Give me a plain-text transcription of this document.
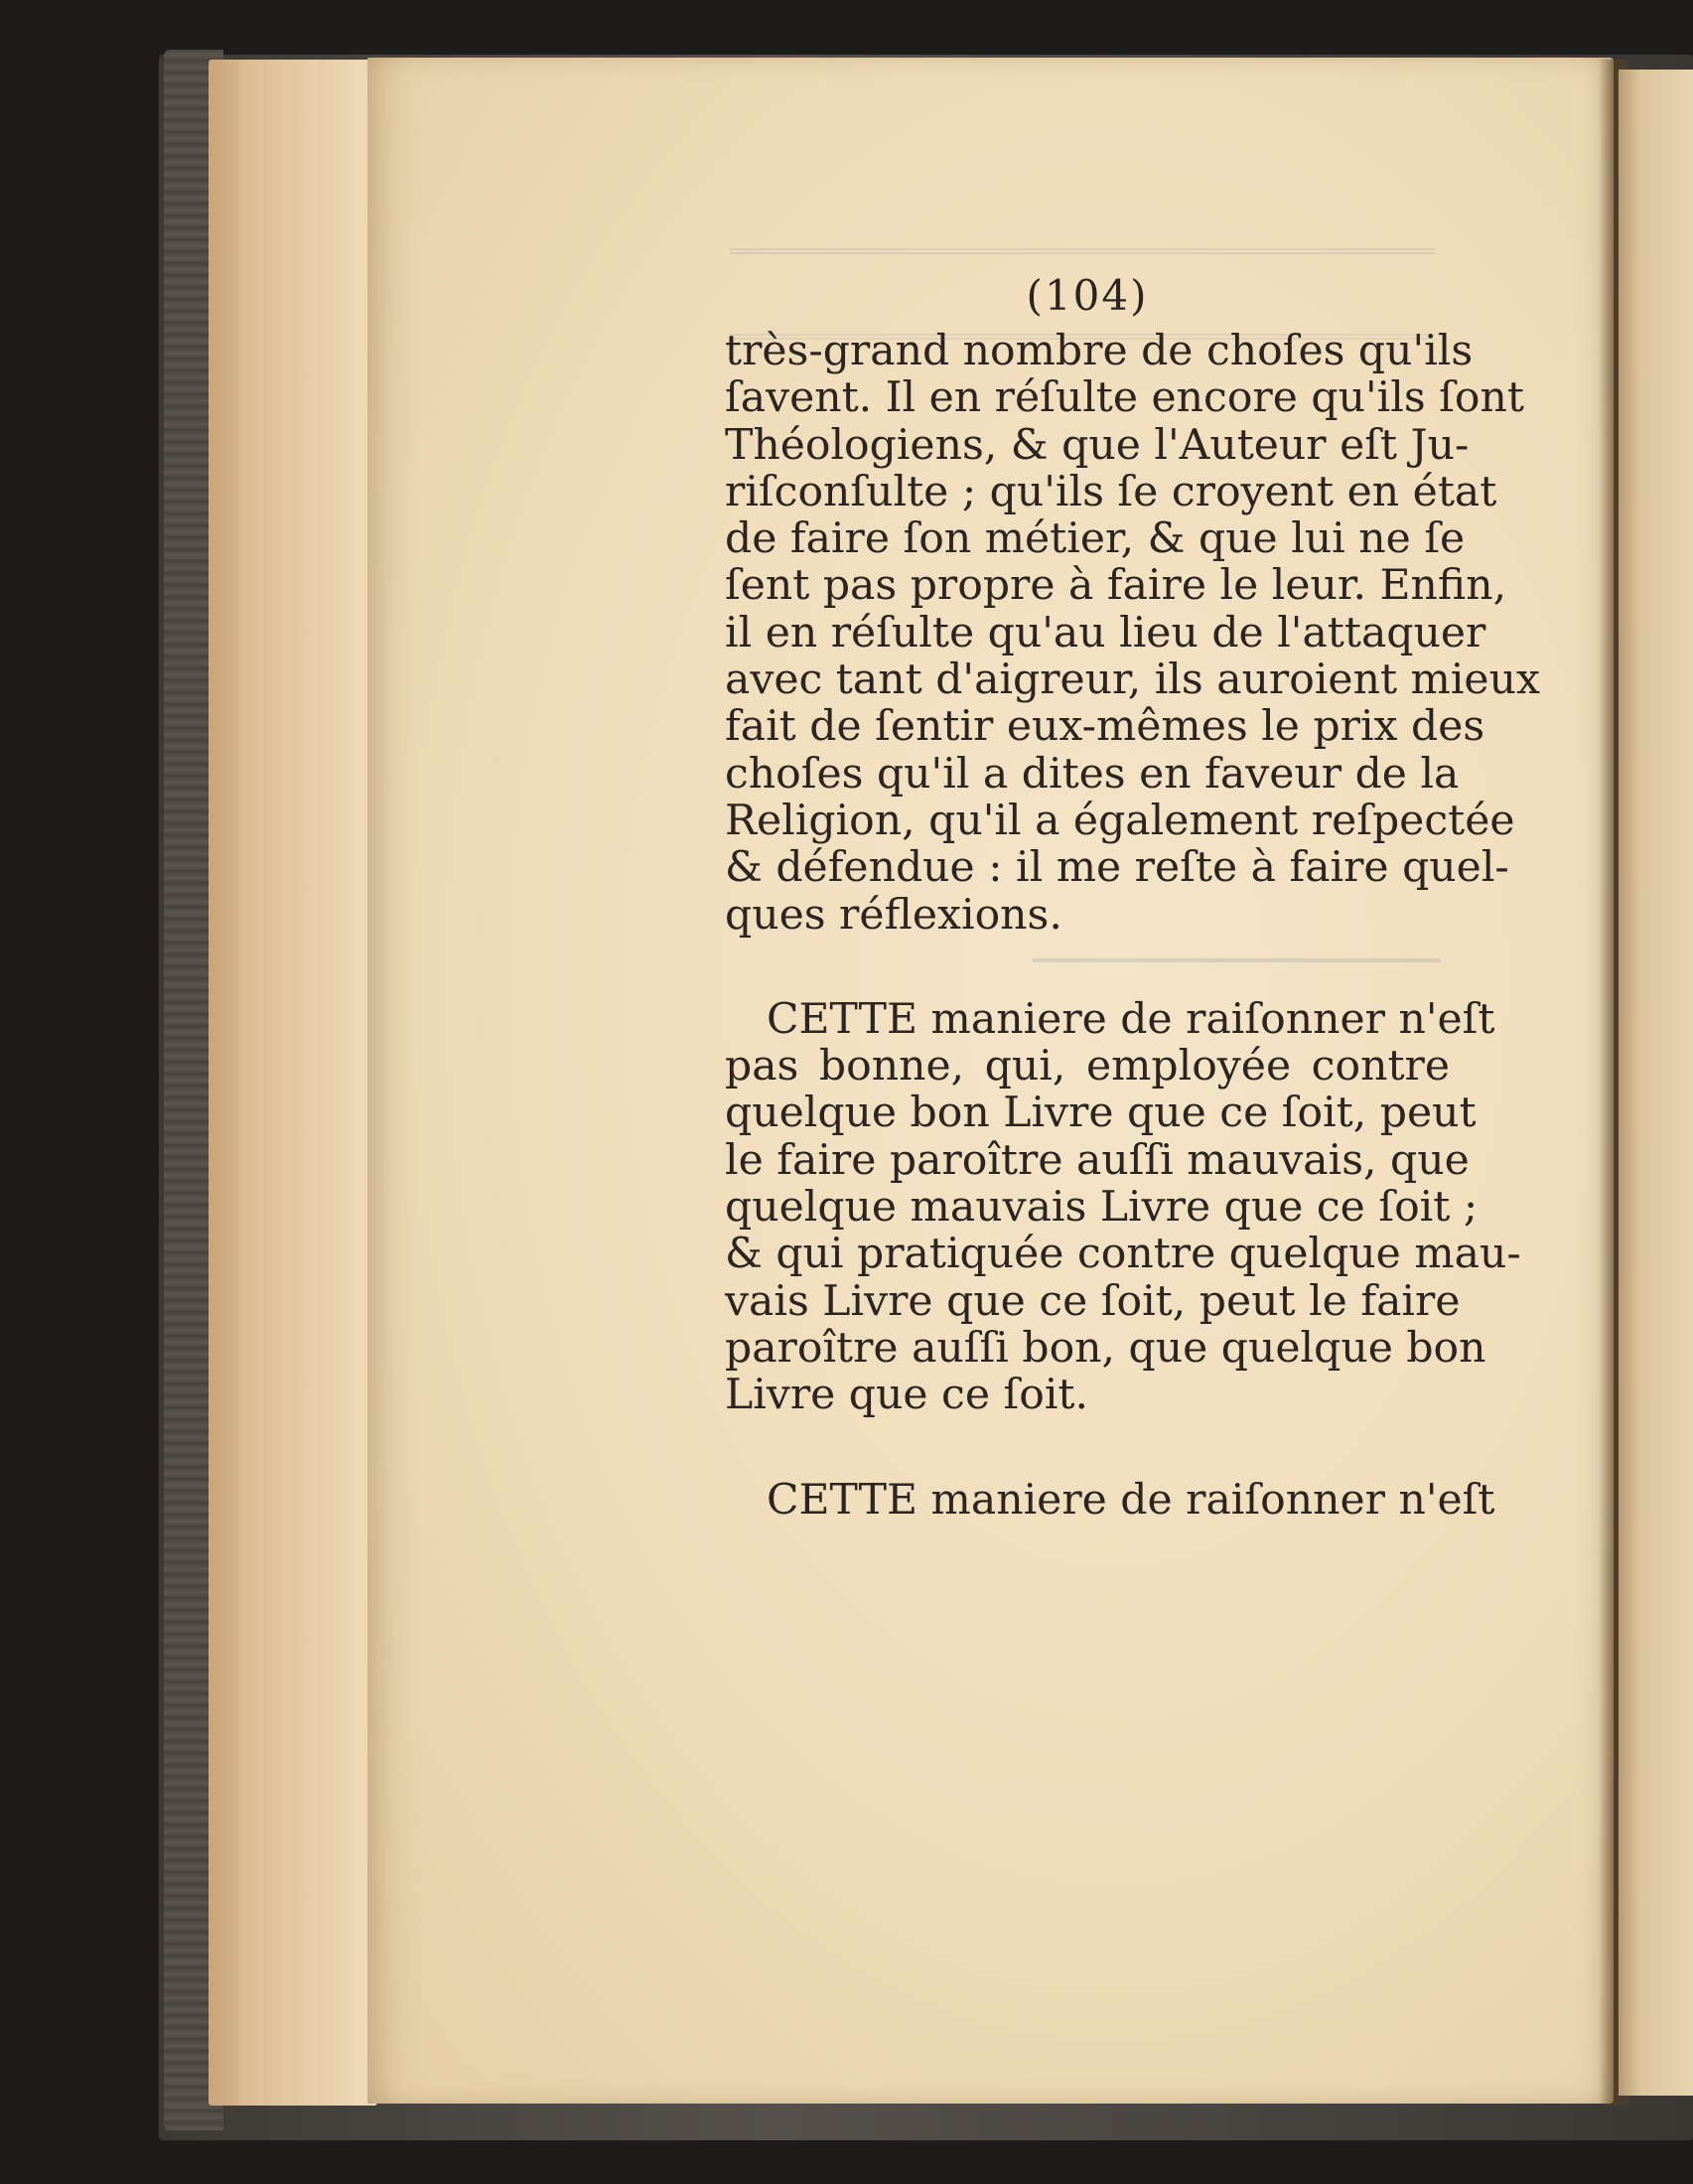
(104)
très-grand nombre de choſes qu'ils
ſavent. Il en réſulte encore qu'ils ſont
Théologiens, & que l'Auteur eſt Ju-
riſconſulte ; qu'ils ſe croyent en état
de faire ſon métier, & que lui ne ſe
ſent pas propre à faire le leur. Enfin,
il en réſulte qu'au lieu de l'attaquer
avec tant d'aigreur, ils auroient mieux
fait de ſentir eux-mêmes le prix des
choſes qu'il a dites en faveur de la
Religion, qu'il a également reſpectée
& défendue : il me reſte à faire quel-
ques réflexions.
CETTE maniere de raiſonner n'eſt
pas bonne, qui, employée contre
quelque bon Livre que ce ſoit, peut
le faire paroître auſſi mauvais, que
quelque mauvais Livre que ce ſoit ;
& qui pratiquée contre quelque mau-
vais Livre que ce ſoit, peut le faire
paroître auſſi bon, que quelque bon
Livre que ce ſoit.
CETTE maniere de raiſonner n'eſt
